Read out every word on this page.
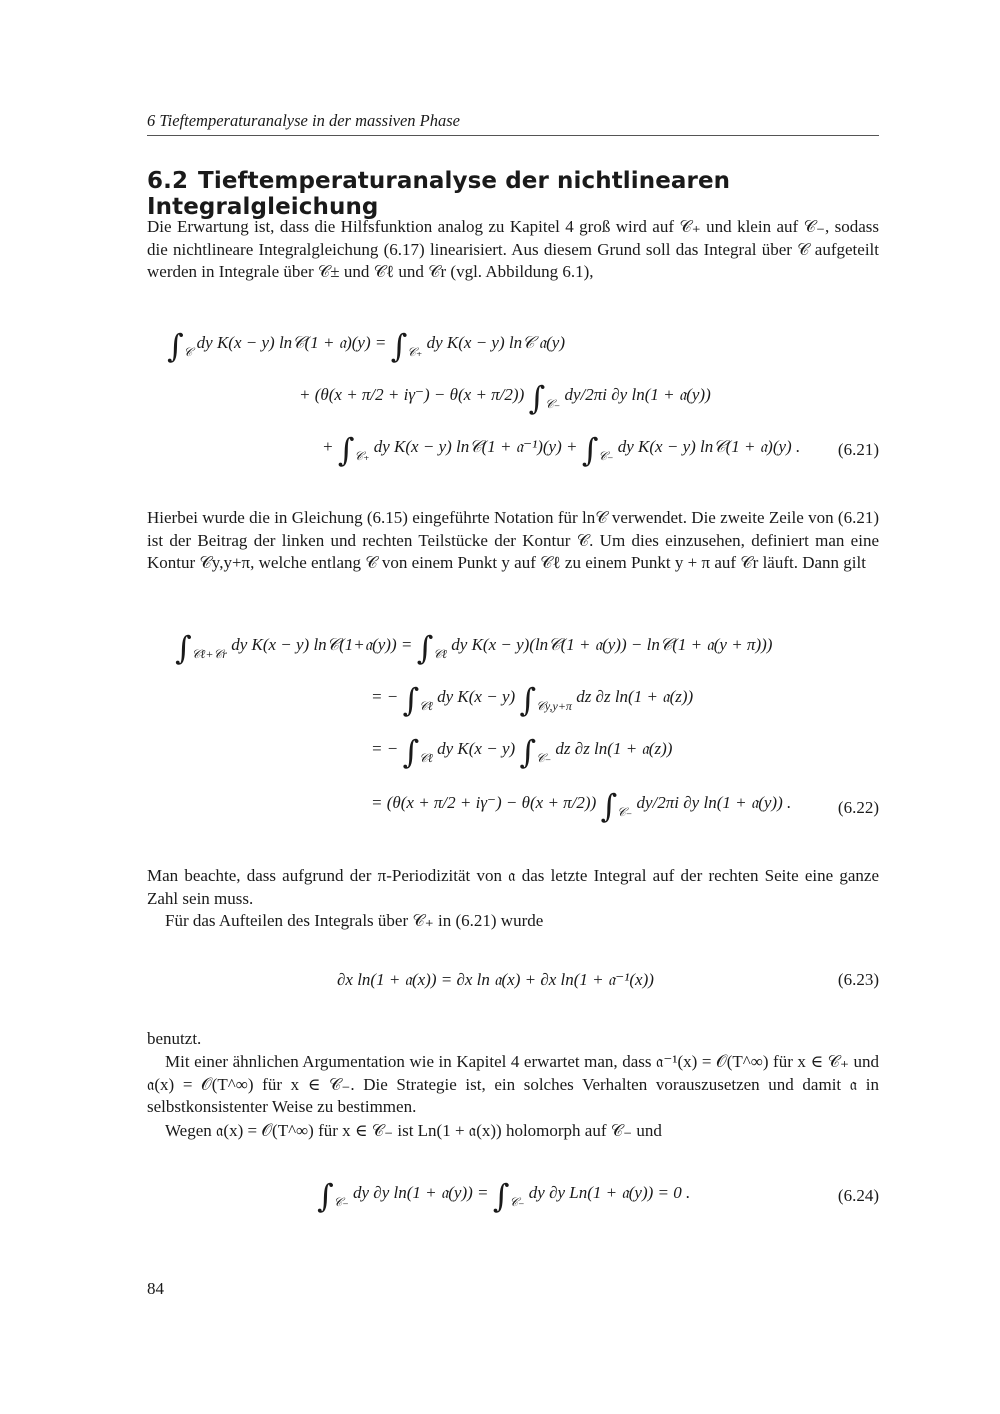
6 Tieftemperaturanalyse in der massiven Phase
6.2 Tieftemperaturanalyse der nichtlinearen Integralgleichung

Die Erwartung ist, dass die Hilfsfunktion analog zu Kapitel 4 groß wird auf 𝒞₊ und klein auf 𝒞₋, sodass die nichtlineare Integralgleichung (6.17) linearisiert. Aus diesem Grund soll das Integral über 𝒞 aufgeteilt werden in Integrale über 𝒞± und 𝒞ℓ und 𝒞r (vgl. Abbildung 6.1),

$\int_𝒞$ dy K(x − y) ln𝒞(1 + 𝔞)(y) = $\int_{𝒞_+}$ dy K(x − y) ln𝒞 𝔞(y)
+ (θ(x + π/2 + iγ⁻) − θ(x + π/2)) $\int_{𝒞_-}$ dy/2πi ∂y ln(1 + 𝔞(y))
+ $\int_{𝒞_+}$ dy K(x − y) ln𝒞(1 + 𝔞⁻¹)(y) + $\int_{𝒞_-}$ dy K(x − y) ln𝒞(1 + 𝔞)(y) . (6.21)

Hierbei wurde die in Gleichung (6.15) eingeführte Notation für ln𝒞 verwendet. Die zweite Zeile von (6.21) ist der Beitrag der linken und rechten Teilstücke der Kontur 𝒞. Um dies einzusehen, definiert man eine Kontur 𝒞y,y+π, welche entlang 𝒞 von einem Punkt y auf 𝒞ℓ zu einem Punkt y + π auf 𝒞r läuft. Dann gilt

$\int_{𝒞\ell+𝒞r}$ dy K(x − y) ln𝒞(1+𝔞(y)) = $\int_{𝒞\ell}$ dy K(x − y)(ln𝒞(1 + 𝔞(y)) − ln𝒞(1 + 𝔞(y + π)))
= − $\int_{𝒞\ell}$ dy K(x − y) $\int_{𝒞y,y+\pi}$ dz ∂z ln(1 + 𝔞(z))
= − $\int_{𝒞\ell}$ dy K(x − y) $\int_{𝒞_-}$ dz ∂z ln(1 + 𝔞(z))
= (θ(x + π/2 + iγ⁻) − θ(x + π/2)) $\int_{𝒞_-}$ dy/2πi ∂y ln(1 + 𝔞(y)) .	(6.22)

Man beachte, dass aufgrund der π-Periodizität von 𝔞 das letzte Integral auf der rechten Seite eine ganze Zahl sein muss.

Für das Aufteilen des Integrals über 𝒞₊ in (6.21) wurde

∂x ln(1 + 𝔞(x)) = ∂x ln 𝔞(x) + ∂x ln(1 + 𝔞⁻¹(x))	(6.23)

benutzt.

Mit einer ähnlichen Argumentation wie in Kapitel 4 erwartet man, dass 𝔞⁻¹(x) = 𝒪(T^∞) für x ∈ 𝒞₊ und 𝔞(x) = 𝒪(T^∞) für x ∈ 𝒞₋. Die Strategie ist, ein solches Verhalten vorauszusetzen und damit 𝔞 in selbstkonsistenter Weise zu bestimmen.

Wegen 𝔞(x) = 𝒪(T^∞) für x ∈ 𝒞₋ ist Ln(1 + 𝔞(x)) holomorph auf 𝒞₋ und

$\int_{𝒞_-}$ dy ∂y ln(1 + 𝔞(y)) = $\int_{𝒞_-}$ dy ∂y Ln(1 + 𝔞(y)) = 0 .	(6.24)
84
